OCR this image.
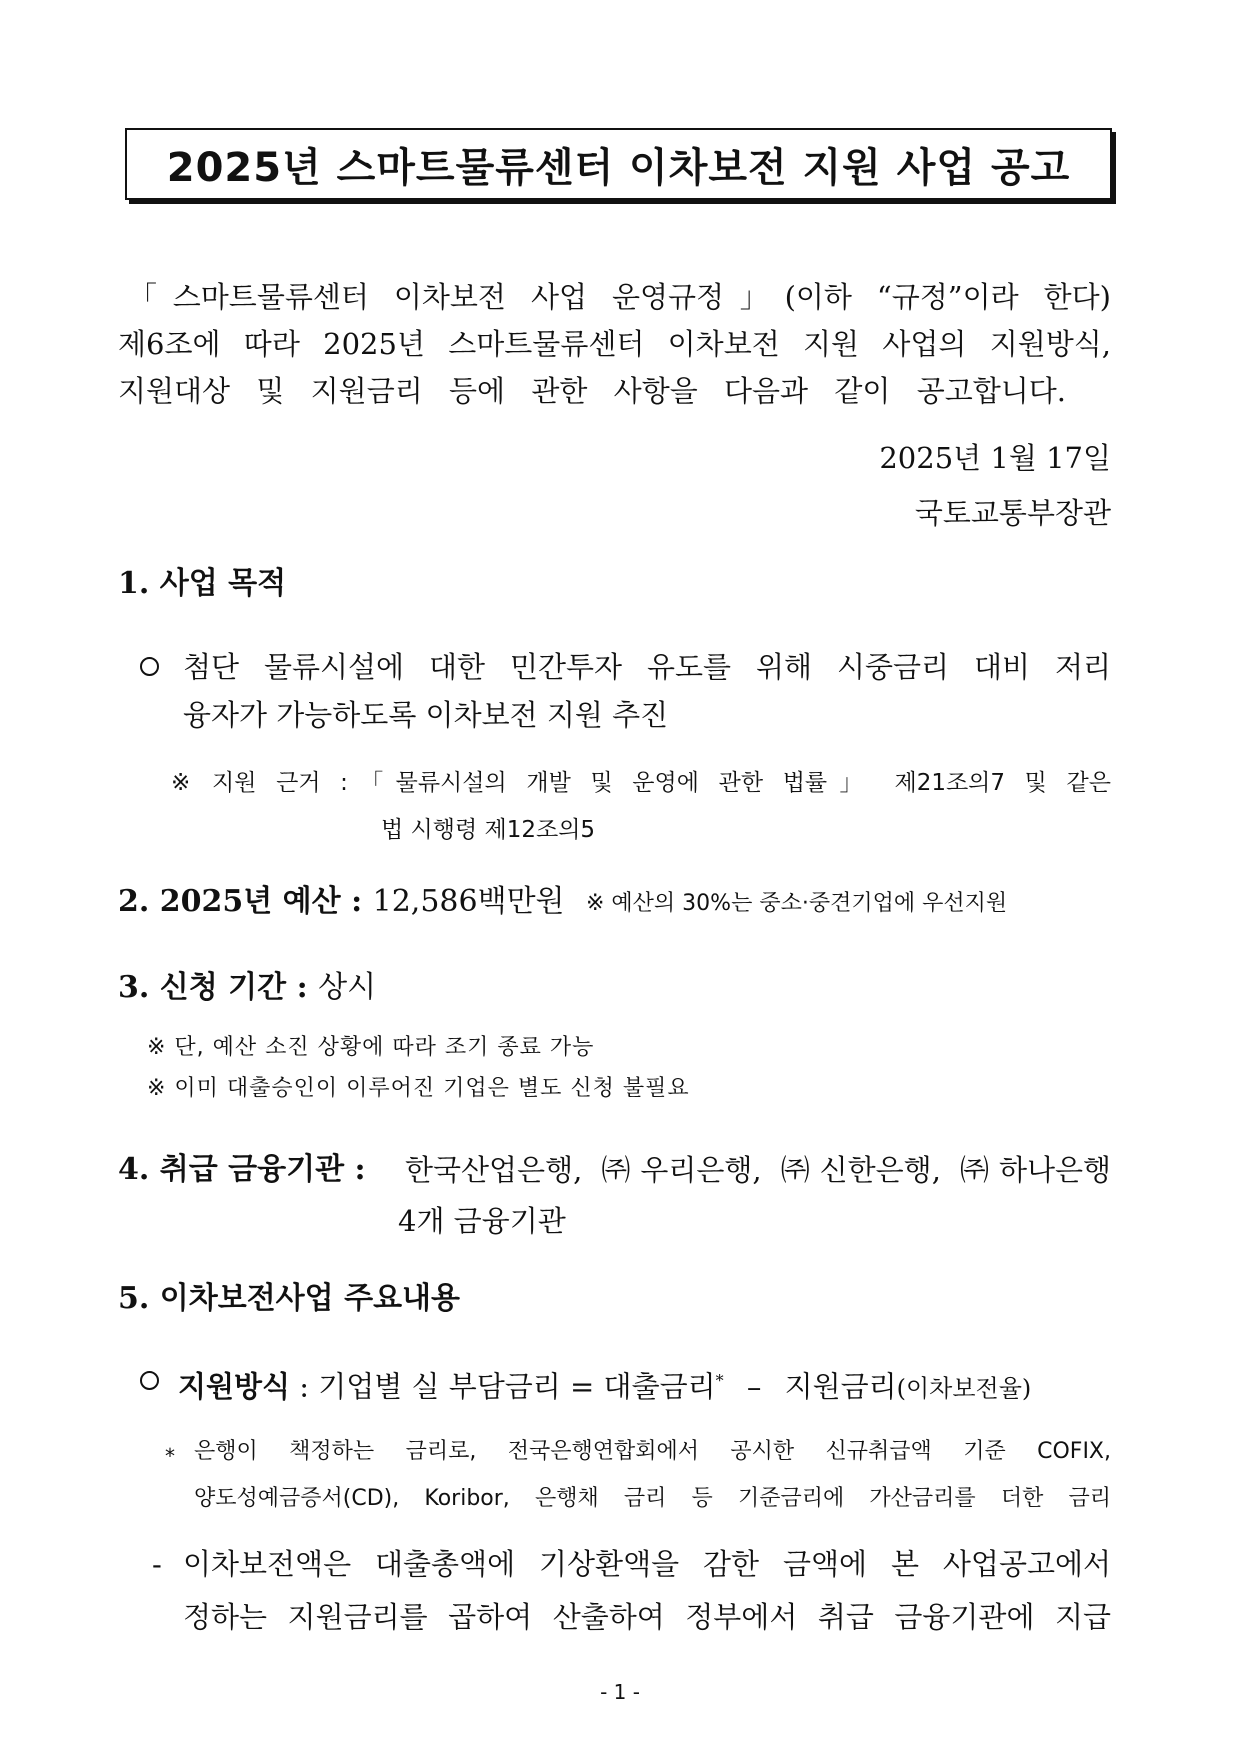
2025년 스마트물류센터 이차보전 지원 사업 공고
「스마트물류센터 이차보전 사업 운영규정」(이하 “규정”이라 한다)
제6조에 따라 2025년 스마트물류센터 이차보전 지원 사업의 지원방식,
지원대상 및 지원금리 등에 관한 사항을 다음과 같이 공고합니다.
2025년 1월 17일
국토교통부장관
1. 사업 목적
첨단 물류시설에 대한 민간투자 유도를 위해 시중금리 대비 저리
융자가 가능하도록 이차보전 지원 추진
※ 지원 근거 :「물류시설의 개발 및 운영에 관한 법률」 제21조의7 및 같은
법 시행령 제12조의5
2. 2025년 예산 : 12,586백만원 ※ 예산의 30%는 중소·중견기업에 우선지원
3. 신청 기간 : 상시
※ 단, 예산 소진 상황에 따라 조기 종료 가능
※ 이미 대출승인이 이루어진 기업은 별도 신청 불필요
4. 취급 금융기관 : 한국산업은행, ㈜우리은행, ㈜신한은행, ㈜하나은행
4개 금융기관
5. 이차보전사업 주요내용
지원방식 : 기업별 실 부담금리 = 대출금리* – 지원금리(이차보전율)
* 은행이 책정하는 금리로, 전국은행연합회에서 공시한 신규취급액 기준 COFIX,
양도성예금증서(CD), Koribor, 은행채 금리 등 기준금리에 가산금리를 더한 금리
- 이차보전액은 대출총액에 기상환액을 감한 금액에 본 사업공고에서
정하는 지원금리를 곱하여 산출하여 정부에서 취급 금융기관에 지급
- 1 -
